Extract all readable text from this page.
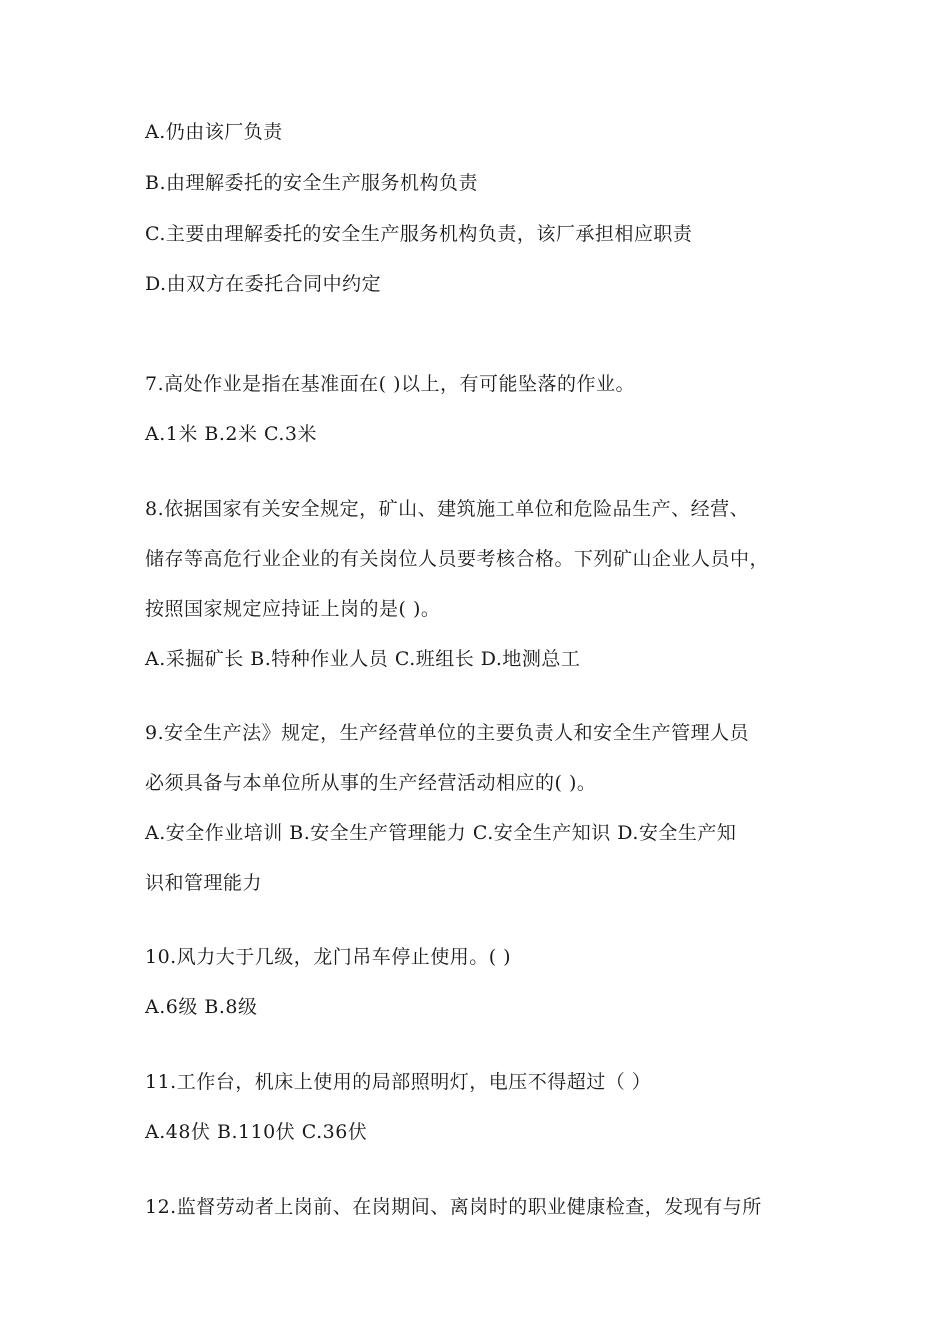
A.仍由该厂负责
B.由理解委托的安全生产服务机构负责
C.主要由理解委托的安全生产服务机构负责，该厂承担相应职责
D.由双方在委托合同中约定
7.高处作业是指在基准面在( )以上，有可能坠落的作业。
A.1米 B.2米 C.3米
8.依据国家有关安全规定，矿山、建筑施工单位和危险品生产、经营、
储存等高危行业企业的有关岗位人员要考核合格。下列矿山企业人员中，
按照国家规定应持证上岗的是( )。
A.采掘矿长 B.特种作业人员 C.班组长 D.地测总工
9.安全生产法》规定，生产经营单位的主要负责人和安全生产管理人员
必须具备与本单位所从事的生产经营活动相应的( )。
A.安全作业培训 B.安全生产管理能力 C.安全生产知识 D.安全生产知
识和管理能力
10.风力大于几级，龙门吊车停止使用。( )
A.6级 B.8级
11.工作台，机床上使用的局部照明灯，电压不得超过（ ）
A.48伏 B.110伏 C.36伏
12.监督劳动者上岗前、在岗期间、离岗时的职业健康检查，发现有与所
